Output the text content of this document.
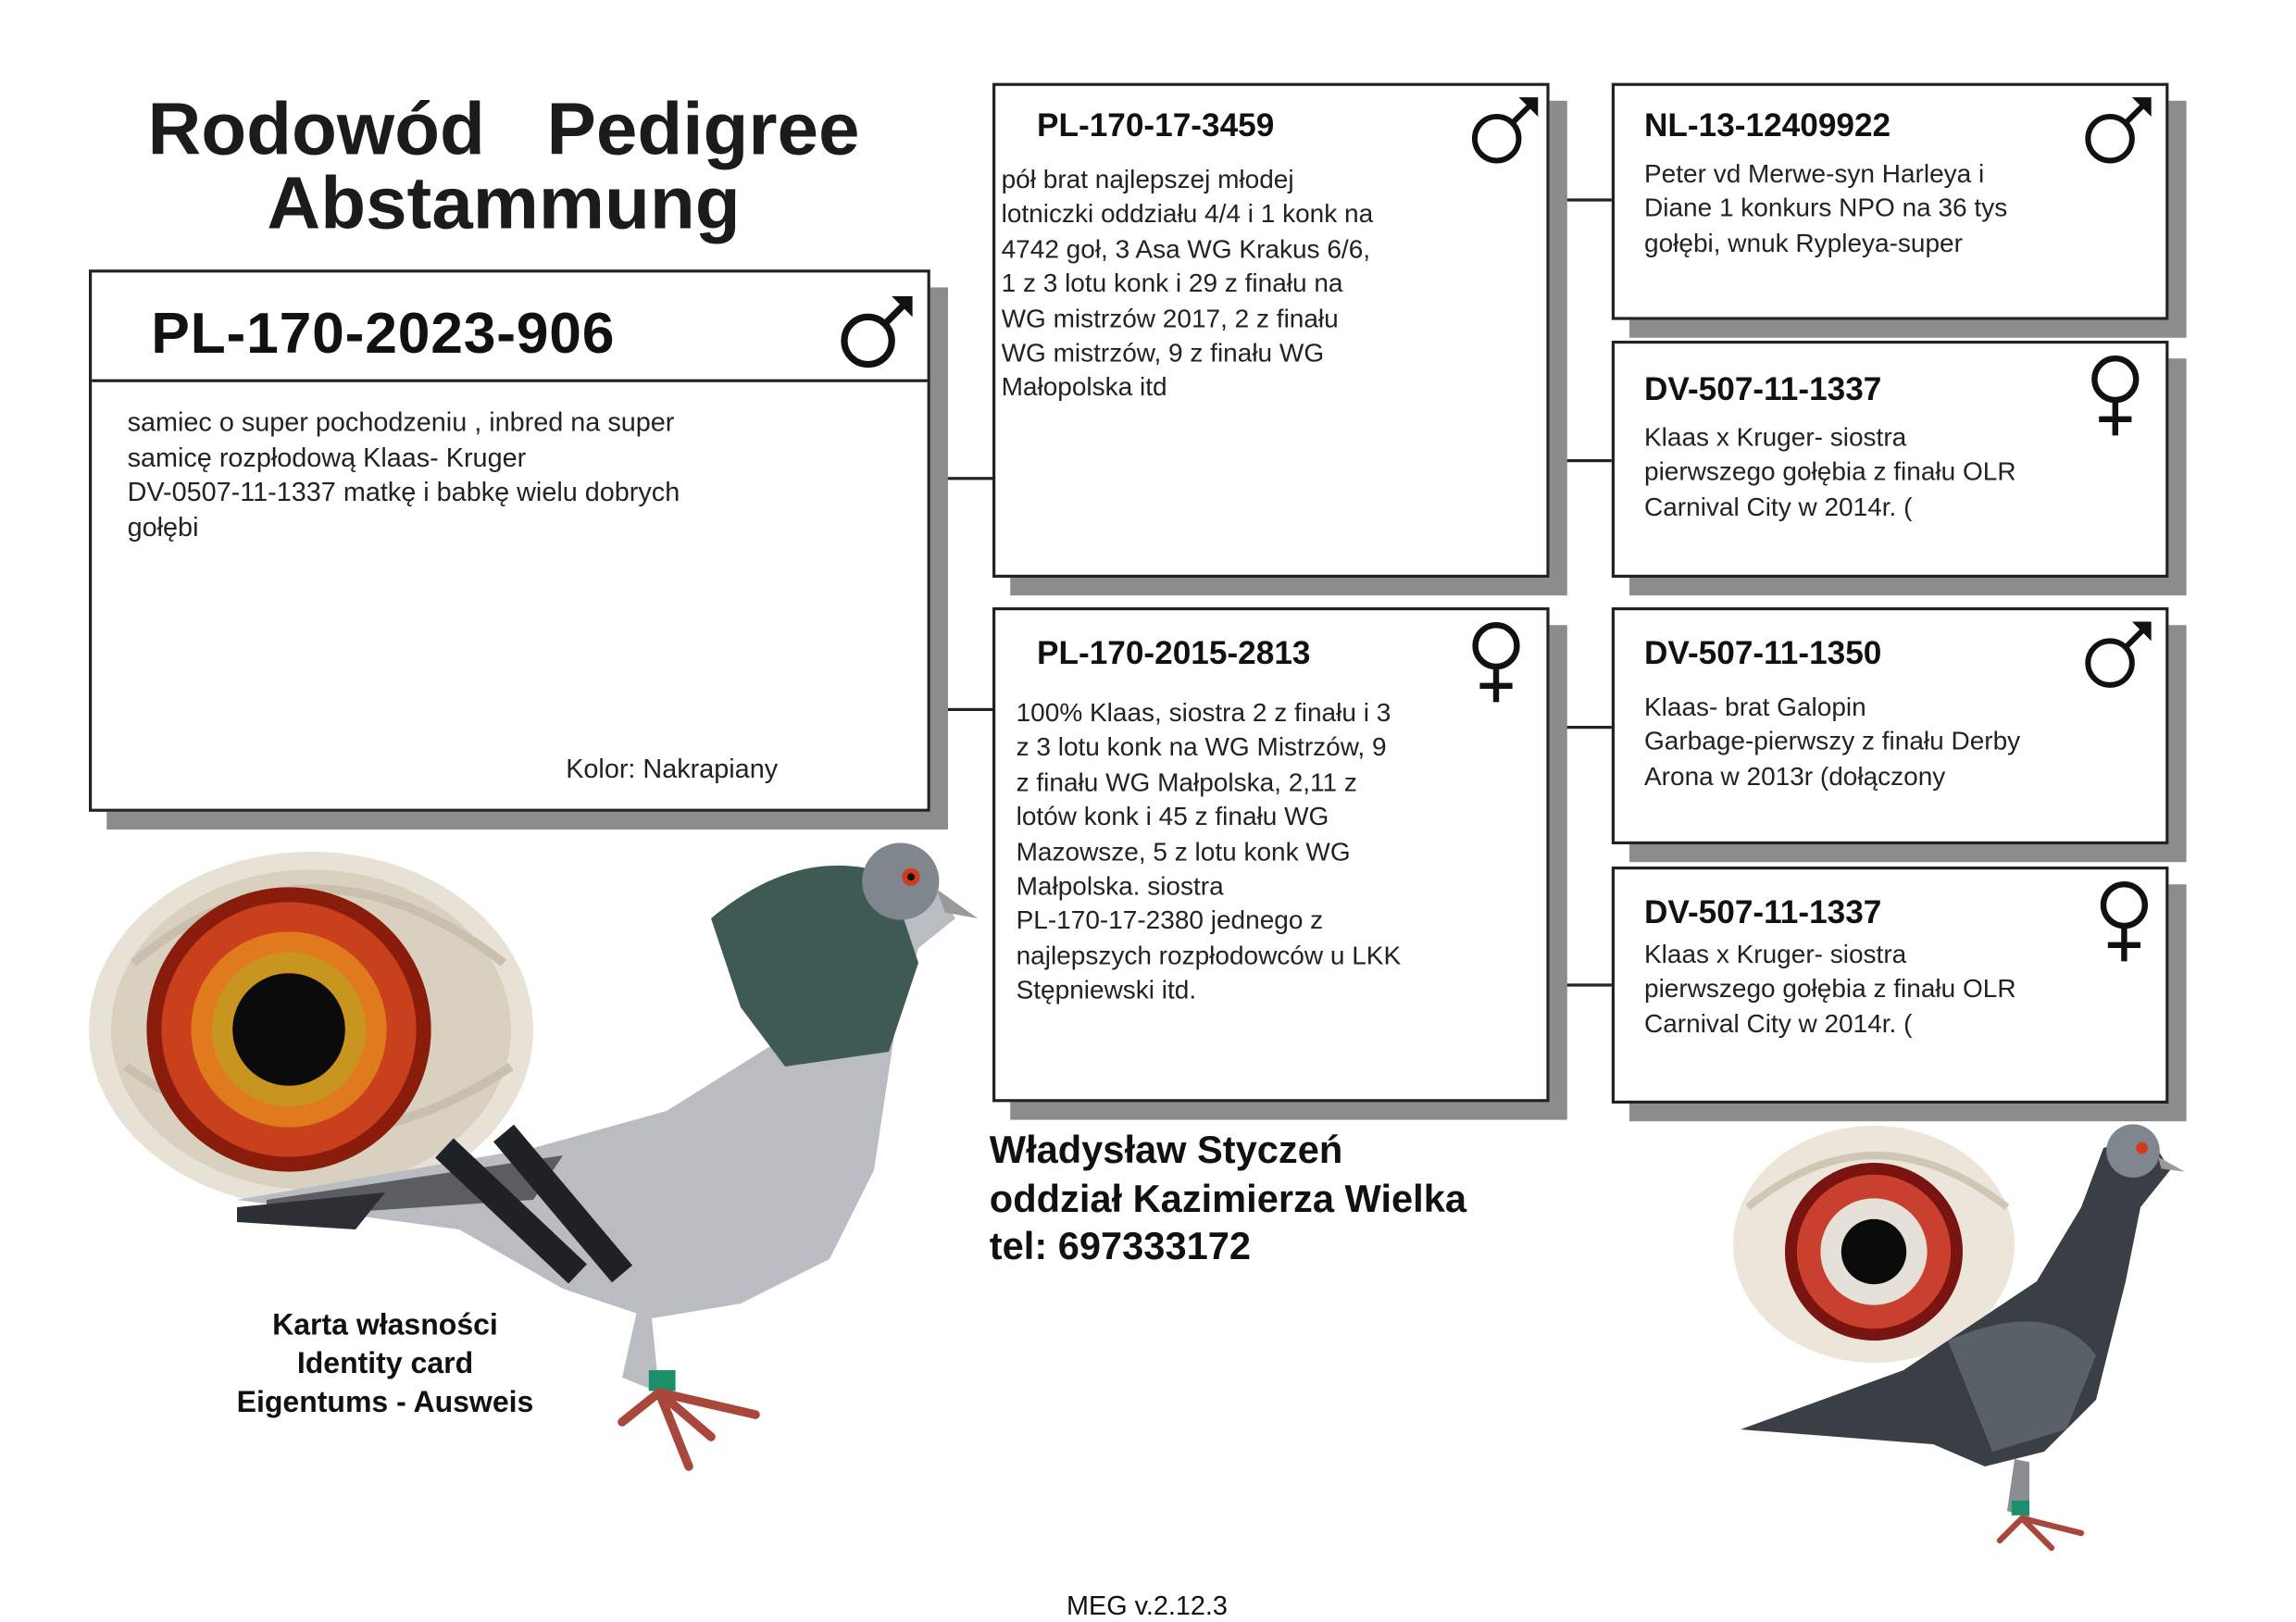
Rodowód   Pedigree
Abstammung
PL-170-2023-906
samiec o super pochodzeniu , inbred na super
samicę rozpłodową Klaas- Kruger
DV-0507-11-1337 matkę i babkę wielu dobrych
gołębi
Kolor: Nakrapiany
PL-170-17-3459
pół brat najlepszej młodej
lotniczki oddziału 4/4 i 1 konk na
4742 goł, 3 Asa WG Krakus 6/6,
1 z 3 lotu konk i 29 z finału na
WG mistrzów 2017, 2 z finału
WG mistrzów, 9 z finału WG
Małopolska itd
PL-170-2015-2813
100% Klaas, siostra 2 z finału i 3
z 3 lotu konk na WG Mistrzów, 9
z finału WG Małpolska, 2,11 z
lotów konk i 45 z finału WG
Mazowsze, 5 z lotu konk WG
Małpolska. siostra
PL-170-17-2380 jednego z
najlepszych rozpłodowców u LKK
Stępniewski itd.
NL-13-12409922
Peter vd Merwe-syn Harleya i
Diane 1 konkurs NPO na 36 tys
gołębi, wnuk Rypleya-super
DV-507-11-1337
Klaas x Kruger- siostra
pierwszego gołębia z finału OLR
Carnival City w 2014r. (
DV-507-11-1350
Klaas- brat Galopin
Garbage-pierwszy z finału Derby
Arona w 2013r (dołączony
DV-507-11-1337
Klaas x Kruger- siostra
pierwszego gołębia z finału OLR
Carnival City w 2014r. (
Władysław Styczeń
oddział Kazimierza Wielka
tel: 697333172
Karta własności
Identity card
Eigentums - Ausweis
MEG v.2.12.3
